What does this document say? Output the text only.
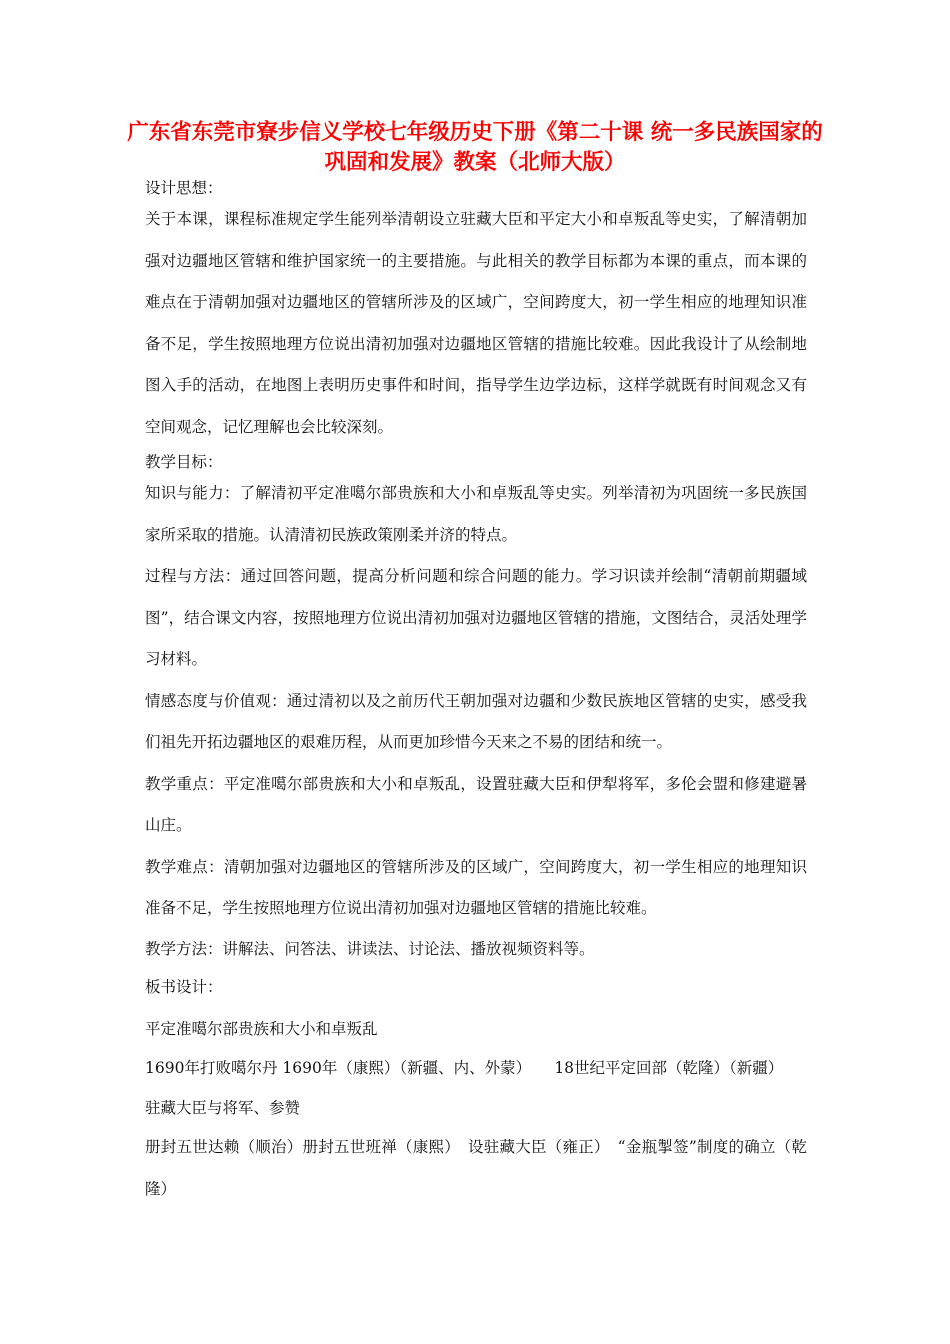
广东省东莞市寮步信义学校七年级历史下册《第二十课 统一多民族国家的巩固和发展》教案（北师大版）
设计思想：
关于本课，课程标准规定学生能列举清朝设立驻藏大臣和平定大小和卓叛乱等史实，了解清朝加强对边疆地区管辖和维护国家统一的主要措施。与此相关的教学目标都为本课的重点，而本课的难点在于清朝加强对边疆地区的管辖所涉及的区域广，空间跨度大，初一学生相应的地理知识准备不足，学生按照地理方位说出清初加强对边疆地区管辖的措施比较难。因此我设计了从绘制地图入手的活动，在地图上表明历史事件和时间，指导学生边学边标，这样学就既有时间观念又有空间观念，记忆理解也会比较深刻。
教学目标：
知识与能力：了解清初平定准噶尔部贵族和大小和卓叛乱等史实。列举清初为巩固统一多民族国家所采取的措施。认清清初民族政策刚柔并济的特点。
过程与方法：通过回答问题，提高分析问题和综合问题的能力。学习识读并绘制“清朝前期疆域图”，结合课文内容，按照地理方位说出清初加强对边疆地区管辖的措施，文图结合，灵活处理学习材料。
情感态度与价值观：通过清初以及之前历代王朝加强对边疆和少数民族地区管辖的史实，感受我们祖先开拓边疆地区的艰难历程，从而更加珍惜今天来之不易的团结和统一。
教学重点：平定准噶尔部贵族和大小和卓叛乱，设置驻藏大臣和伊犁将军，多伦会盟和修建避暑山庄。
教学难点：清朝加强对边疆地区的管辖所涉及的区域广，空间跨度大，初一学生相应的地理知识准备不足，学生按照地理方位说出清初加强对边疆地区管辖的措施比较难。
教学方法：讲解法、问答法、讲读法、讨论法、播放视频资料等。
板书设计：
平定准噶尔部贵族和大小和卓叛乱
1690年打败噶尔丹 1690年（康熙）（新疆、内、外蒙）　　18世纪平定回部（乾隆）（新疆）
驻藏大臣与将军、参赞
册封五世达赖（顺治）册封五世班禅（康熙）　设驻藏大臣（雍正）　“金瓶掣签”制度的确立（乾隆）
